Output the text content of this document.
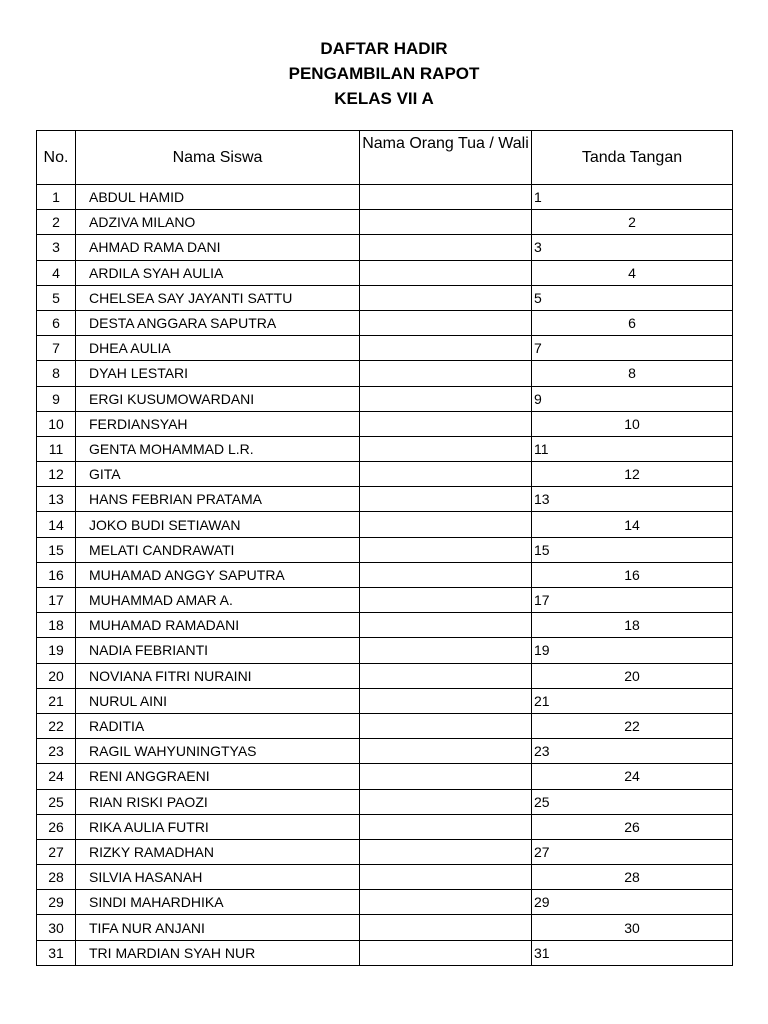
DAFTAR HADIR
PENGAMBILAN RAPOT
KELAS VII A
No.	Nama Siswa	Nama Orang Tua / Wali	Tanda Tangan
1	ABDUL HAMID		1
2	ADZIVA MILANO		2
3	AHMAD RAMA DANI		3
4	ARDILA SYAH AULIA		4
5	CHELSEA SAY JAYANTI SATTU		5
6	DESTA ANGGARA SAPUTRA		6
7	DHEA AULIA		7
8	DYAH LESTARI		8
9	ERGI KUSUMOWARDANI		9
10	FERDIANSYAH		10
11	GENTA MOHAMMAD L.R.		11
12	GITA		12
13	HANS FEBRIAN PRATAMA		13
14	JOKO BUDI SETIAWAN		14
15	MELATI CANDRAWATI		15
16	MUHAMAD ANGGY SAPUTRA		16
17	MUHAMMAD AMAR A.		17
18	MUHAMAD RAMADANI		18
19	NADIA FEBRIANTI		19
20	NOVIANA FITRI NURAINI		20
21	NURUL AINI		21
22	RADITIA		22
23	RAGIL WAHYUNINGTYAS		23
24	RENI ANGGRAENI		24
25	RIAN RISKI PAOZI		25
26	RIKA AULIA FUTRI		26
27	RIZKY RAMADHAN		27
28	SILVIA HASANAH		28
29	SINDI MAHARDHIKA		29
30	TIFA NUR ANJANI		30
31	TRI MARDIAN SYAH NUR		31
